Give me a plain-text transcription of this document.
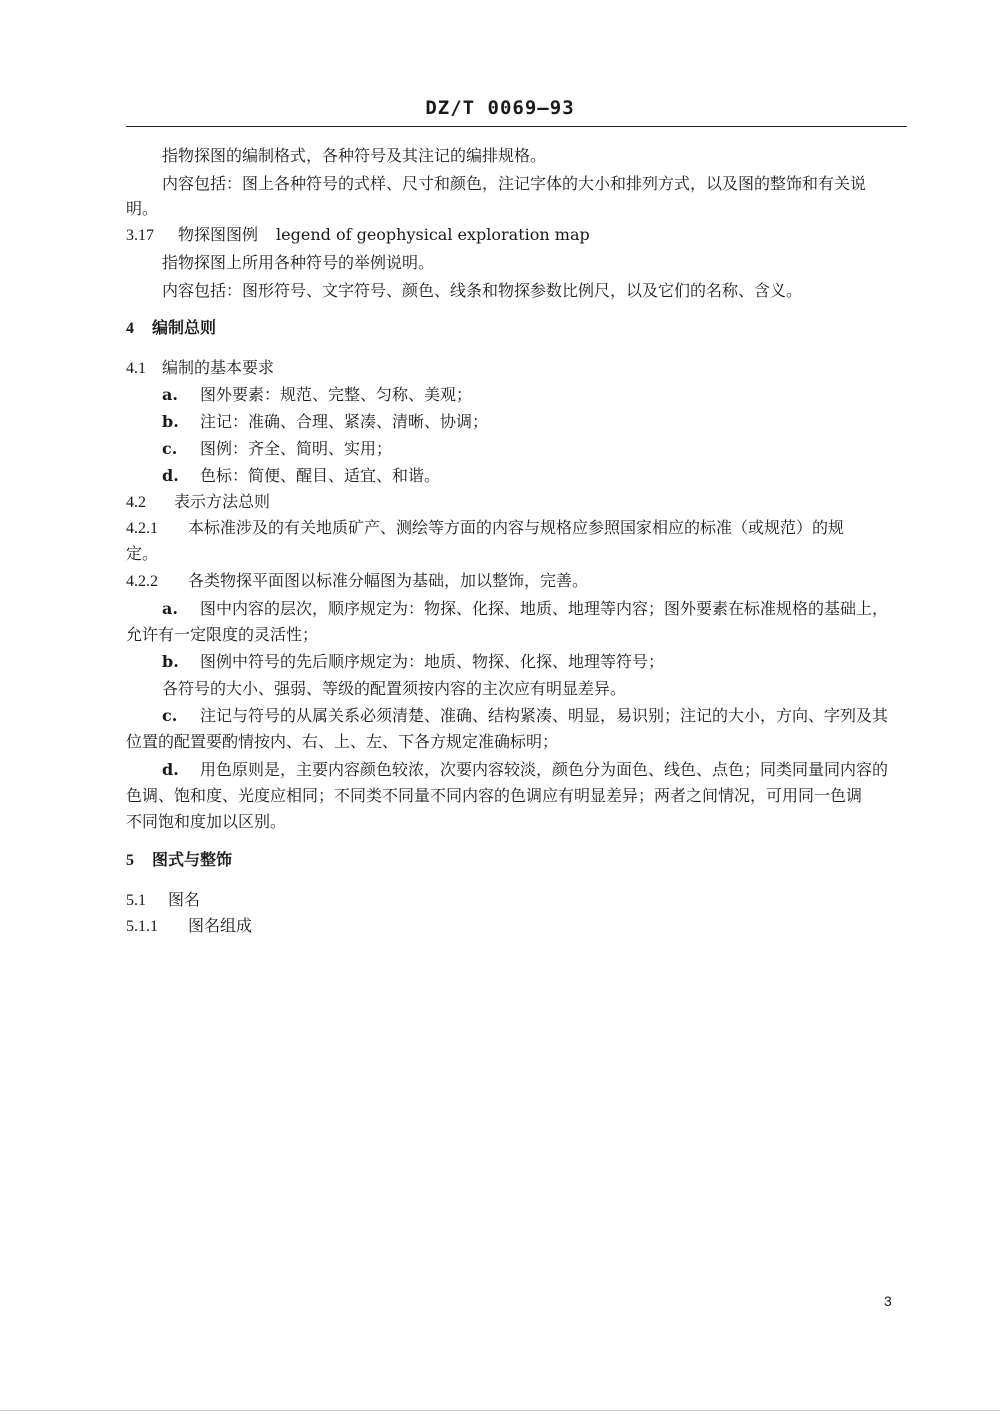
DZ/T 0069—93
指物探图的编制格式，各种符号及其注记的编排规格。
内容包括：图上各种符号的式样、尺寸和颜色，注记字体的大小和排列方式，以及图的整饰和有关说
明。
3.17 物探图图例 legend of geophysical exploration map
指物探图上所用各种符号的举例说明。
内容包括：图形符号、文字符号、颜色、线条和物探参数比例尺，以及它们的名称、含义。
4 编制总则
4.1 编制的基本要求
a. 图外要素：规范、完整、匀称、美观；
b. 注记：准确、合理、紧凑、清晰、协调；
c. 图例：齐全、简明、实用；
d. 色标：简便、醒目、适宜、和谐。
4.2 表示方法总则
4.2.1 本标准涉及的有关地质矿产、测绘等方面的内容与规格应参照国家相应的标准（或规范）的规
定。
4.2.2 各类物探平面图以标准分幅图为基础，加以整饰，完善。
a. 图中内容的层次，顺序规定为：物探、化探、地质、地理等内容；图外要素在标准规格的基础上，
允许有一定限度的灵活性；
b. 图例中符号的先后顺序规定为：地质、物探、化探、地理等符号；
各符号的大小、强弱、等级的配置须按内容的主次应有明显差异。
c. 注记与符号的从属关系必须清楚、准确、结构紧凑、明显，易识别；注记的大小，方向、字列及其
位置的配置要酌情按内、右、上、左、下各方规定准确标明；
d. 用色原则是，主要内容颜色较浓，次要内容较淡，颜色分为面色、线色、点色；同类同量同内容的
色调、饱和度、光度应相同；不同类不同量不同内容的色调应有明显差异；两者之间情况，可用同一色调
不同饱和度加以区别。
5 图式与整饰
5.1 图名
5.1.1 图名组成
3
